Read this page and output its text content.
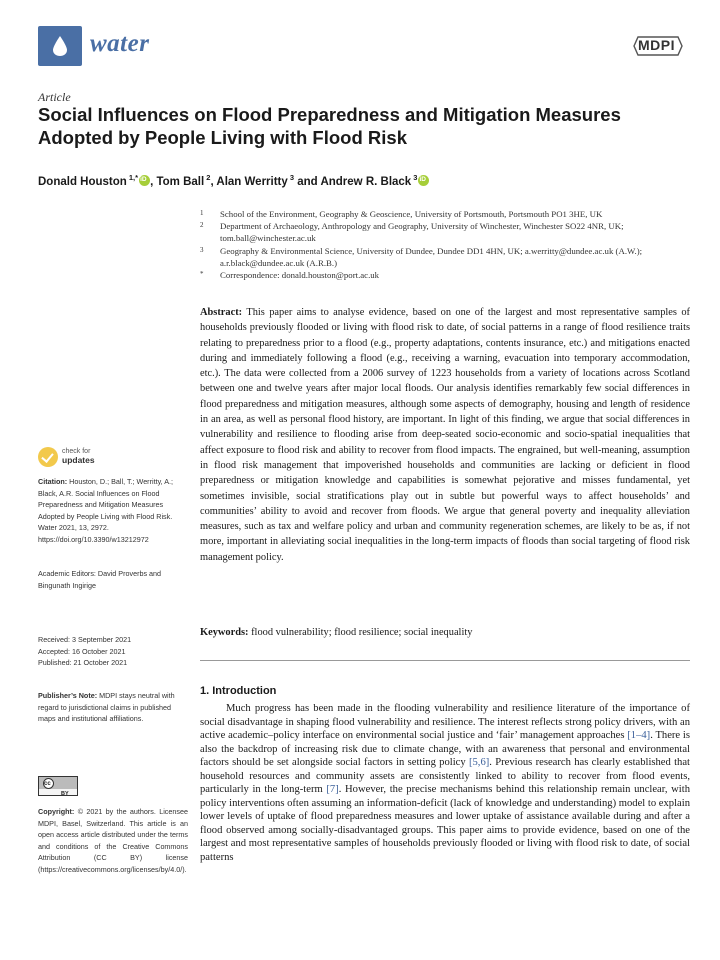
water	MDPI
Article
Social Influences on Flood Preparedness and Mitigation Measures Adopted by People Living with Flood Risk
Donald Houston $^{1,*}$iD , Tom Ball $^2$, Alan Werritty $^3$ and Andrew R. Black $^3$iD
1 School of the Environment, Geography & Geoscience, University of Portsmouth, Portsmouth PO1 3HE, UK
2 Department of Archaeology, Anthropology and Geography, University of Winchester, Winchester SO22 4NR, UK; tom.ball@winchester.ac.uk
3 Geography & Environmental Science, University of Dundee, Dundee DD1 4HN, UK; a.werritty@dundee.ac.uk (A.W.); a.r.black@dundee.ac.uk (A.R.B.)
* Correspondence: donald.houston@port.ac.uk
Abstract: This paper aims to analyse evidence, based on one of the largest and most representative samples of households previously flooded or living with flood risk to date, of social patterns in a range of flood resilience traits relating to preparedness prior to a flood (e.g., property adaptations, contents insurance, etc.) and mitigations enacted during and immediately following a flood (e.g., receiving a warning, evacuation into temporary accommodation, etc.). The data were collected from a 2006 survey of 1223 households from a variety of locations across Scotland between one and twelve years after major local floods. Our analysis identifies remarkably few social differences in flood preparedness and mitigation measures, although some aspects of demography, housing and length of residence in an area, as well as personal flood history, are important. In light of this finding, we argue that social differences in vulnerability and resilience to flooding arise from deep-seated socio-economic and socio-spatial inequalities that affect exposure to flood risk and ability to recover from flood impacts. The engrained, but well-meaning, assumption in flood risk management that impoverished households and communities are lacking or deficient in flood preparedness or mitigation knowledge and capabilities is somewhat pejorative and misses fundamental, yet sometimes invisible, social stratifications play out in subtle but powerful ways to affect households’ and communities’ ability to avoid and recover from floods. We argue that general poverty and inequality alleviation measures, such as tax and welfare policy and urban and community regeneration schemes, are likely to be as, if not more, important in alleviating social inequalities in the long-term impacts of floods than social targeting of flood risk management policy.
Keywords: flood vulnerability; flood resilience; social inequality
check for
updates
Citation: Houston, D.; Ball, T.; Werritty, A.; Black, A.R. Social Influences on Flood Preparedness and Mitigation Measures Adopted by People Living with Flood Risk. Water 2021, 13, 2972. https://doi.org/10.3390/w13212972
Academic Editors: David Proverbs and Bingunath Ingirige
Received: 3 September 2021
Accepted: 16 October 2021
Published: 21 October 2021
Publisher’s Note: MDPI stays neutral with regard to jurisdictional claims in published maps and institutional affiliations.
cc
BY
Copyright: © 2021 by the authors. Licensee MDPI, Basel, Switzerland. This article is an open access article distributed under the terms and conditions of the Creative Commons Attribution (CC BY) license (https://creativecommons.org/licenses/by/4.0/).
1. Introduction
Much progress has been made in the flooding vulnerability and resilience literature of the importance of social disadvantage in shaping flood vulnerability and resilience. The interest reflects strong policy drivers, with an active academic–policy interface on environmental social justice and ‘fair’ management approaches [1–4]. There is also the backdrop of increasing risk due to climate change, with an awareness that personal and environmental factors should be set alongside social factors in setting policy [5,6]. Previous research has clearly established that household resources and community assets are consistently linked to ability to recover from flood events, particularly in the long-term [7]. However, the precise mechanisms behind this relationship remain unclear, with policy interventions often assuming an information-deficit (lack of knowledge and understanding) model to explain lower levels of uptake of flood preparedness measures and lower uptake of assistance available during and after a flood observed among socially-disadvantaged groups. This paper aims to provide evidence, based on one of the largest and most representative samples of households previously flooded or living with flood risk to date, of social patterns
